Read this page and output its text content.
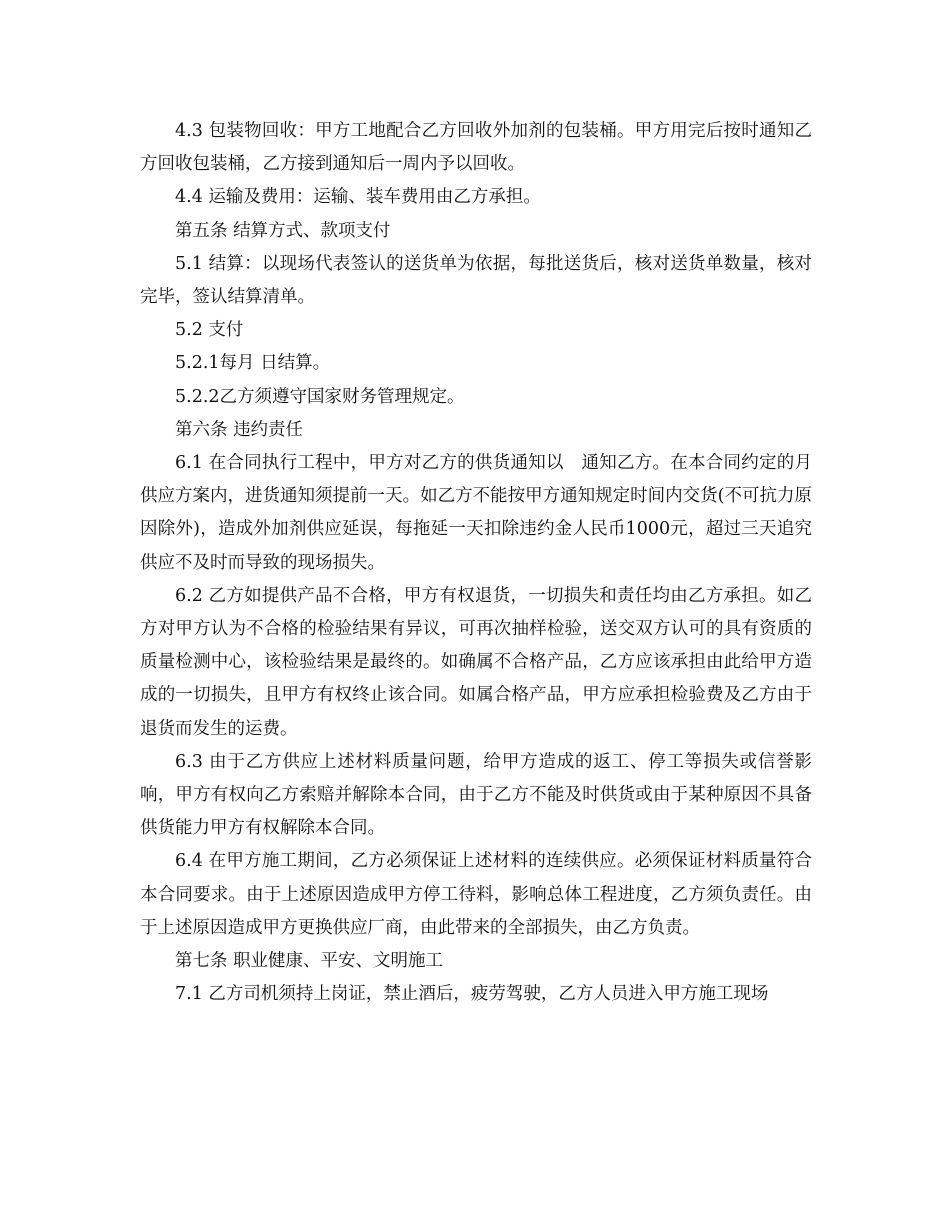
4.3 包装物回收：甲方工地配合乙方回收外加剂的包装桶。甲方用完后按时通知乙方回收包装桶，乙方接到通知后一周内予以回收。

4.4 运输及费用：运输、装车费用由乙方承担。

第五条 结算方式、款项支付

5.1 结算：以现场代表签认的送货单为依据，每批送货后，核对送货单数量，核对完毕，签认结算清单。

5.2 支付

5.2.1每月 日结算。

5.2.2乙方须遵守国家财务管理规定。

第六条 违约责任

6.1 在合同执行工程中，甲方对乙方的供货通知以　通知乙方。在本合同约定的月供应方案内，进货通知须提前一天。如乙方不能按甲方通知规定时间内交货(不可抗力原因除外)，造成外加剂供应延误，每拖延一天扣除违约金人民币1000元，超过三天追究供应不及时而导致的现场损失。

6.2 乙方如提供产品不合格，甲方有权退货，一切损失和责任均由乙方承担。如乙方对甲方认为不合格的检验结果有异议，可再次抽样检验，送交双方认可的具有资质的质量检测中心，该检验结果是最终的。如确属不合格产品，乙方应该承担由此给甲方造成的一切损失，且甲方有权终止该合同。如属合格产品，甲方应承担检验费及乙方由于退货而发生的运费。

6.3 由于乙方供应上述材料质量问题，给甲方造成的返工、停工等损失或信誉影响，甲方有权向乙方索赔并解除本合同，由于乙方不能及时供货或由于某种原因不具备供货能力甲方有权解除本合同。

6.4 在甲方施工期间，乙方必须保证上述材料的连续供应。必须保证材料质量符合本合同要求。由于上述原因造成甲方停工待料，影响总体工程进度，乙方须负责任。由于上述原因造成甲方更换供应厂商，由此带来的全部损失，由乙方负责。

第七条 职业健康、平安、文明施工

7.1 乙方司机须持上岗证，禁止酒后，疲劳驾驶，乙方人员进入甲方施工现场
